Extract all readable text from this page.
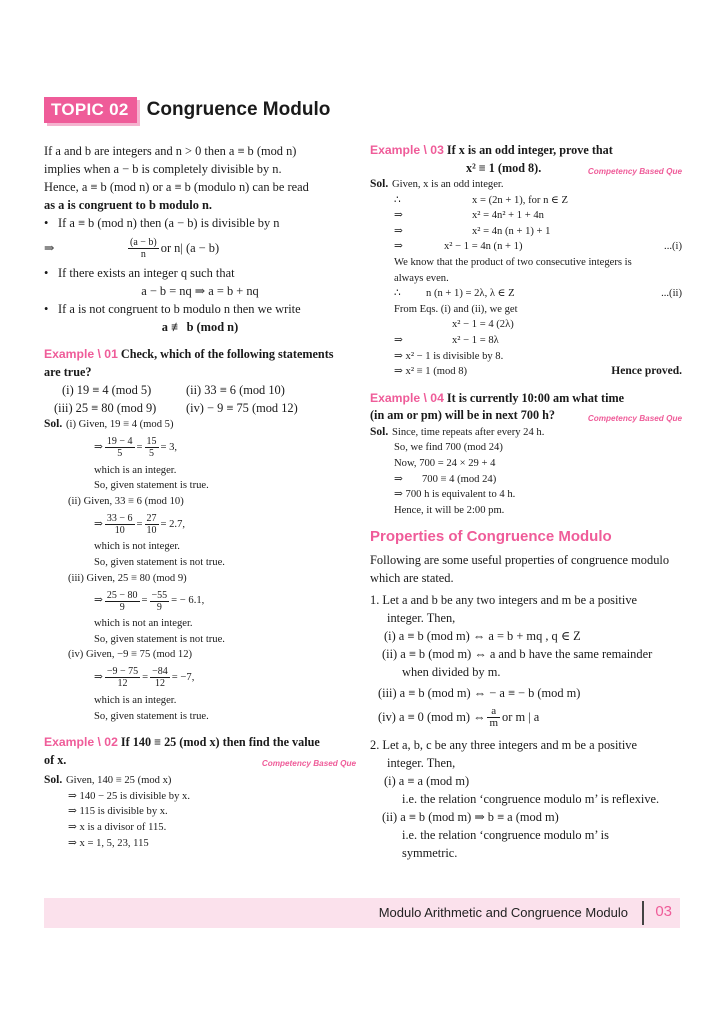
TOPIC 02 Congruence Modulo
If a and b are integers and n > 0 then a ≡ b (mod n)
implies when a − b is completely divisible by n.
Hence, a ≡ b (mod n) or a ≡ b (modulo n) can be read
as a is congruent to b modulo n.
• If a ≡ b (mod n) then (a − b) is divisible by n
⇒	$\frac{(a - b)}{n}$ or n| (a − b)
• If there exists an integer q such that
a − b = nq ⇒ a = b + nq
• If a is not congruent to b modulo n then we write
a ≢ b (mod n)
Example \ 01 Check, which of the following statements
are true?
(i) 19 ≡ 4 (mod 5)	(ii) 33 ≡ 6 (mod 10)
(iii) 25 ≡ 80 (mod 9)	(iv) − 9 ≡ 75 (mod 12)
Sol. (i) Given, 19 ≡ 4 (mod 5)
⇒ $\frac{19 - 4}{5} = \frac{15}{5} = 3$,
which is an integer.
So, given statement is true.
(ii) Given, 33 ≡ 6 (mod 10)
⇒ $\frac{33 - 6}{10} = \frac{27}{10} = 2.7$,
which is not integer.
So, given statement is not true.
(iii) Given, 25 ≡ 80 (mod 9)
⇒ $\frac{25 - 80}{9} = \frac{-55}{9}$ = − 6.1,
which is not an integer.
So, given statement is not true.
(iv) Given, −9 ≡ 75 (mod 12)
⇒ $\frac{-9 - 75}{12} = \frac{-84}{12} = -7$,
which is an integer.
So, given statement is true.
Example \ 02 If 140 ≡ 25 (mod x) then find the value
of x.	Competency Based Que
Sol. Given, 140 ≡ 25 (mod x)
⇒ 140 − 25 is divisible by x.
⇒ 115 is divisible by x.
⇒ x is a divisor of 115.
⇒ x = 1, 5, 23, 115
Example \ 03 If x is an odd integer, prove that
x² ≡ 1 (mod 8).	Competency Based Que
Sol. Given, x is an odd integer.
∴	x = (2n + 1), for n ∈ Z
⇒	x² = 4n² + 1 + 4n
⇒	x² = 4n (n + 1) + 1
⇒	x² − 1 = 4n (n + 1)	...(i)
We know that the product of two consecutive integers is
always even.
∴	n (n + 1) = 2λ, λ ∈ Z	...(ii)
From Eqs. (i) and (ii), we get
x² − 1 = 4 (2λ)
⇒	x² − 1 = 8λ
⇒ x² − 1 is divisible by 8.
⇒ x² ≡ 1 (mod 8)	Hence proved.
Example \ 04 It is currently 10:00 am what time
(in am or pm) will be in next 700 h?	Competency Based Que
Sol. Since, time repeats after every 24 h.
So, we find 700 (mod 24)
Now, 700 = 24 × 29 + 4
⇒	700 ≡ 4 (mod 24)
⇒ 700 h is equivalent to 4 h.
Hence, it will be 2:00 pm.
Properties of Congruence Modulo
Following are some useful properties of congruence modulo
which are stated.
1. Let a and b be any two integers and m be a positive
integer. Then,
(i) a ≡ b (mod m) ⇔ a = b + mq , q ∈ Z
(ii) a ≡ b (mod m) ⇔ a and b have the same remainder
when divided by m.
(iii) a ≡ b (mod m) ⇔ − a ≡ − b (mod m)
(iv) a ≡ 0 (mod m) ⇔ $\frac{a}{m}$ or m | a
2. Let a, b, c be any three integers and m be a positive
integer. Then,
(i) a ≡ a (mod m)
i.e. the relation ‘congruence modulo m’ is reflexive.
(ii) a ≡ b (mod m) ⇒ b ≡ a (mod m)
i.e. the relation ‘congruence modulo m’ is
symmetric.
Modulo Arithmetic and Congruence Modulo 03
